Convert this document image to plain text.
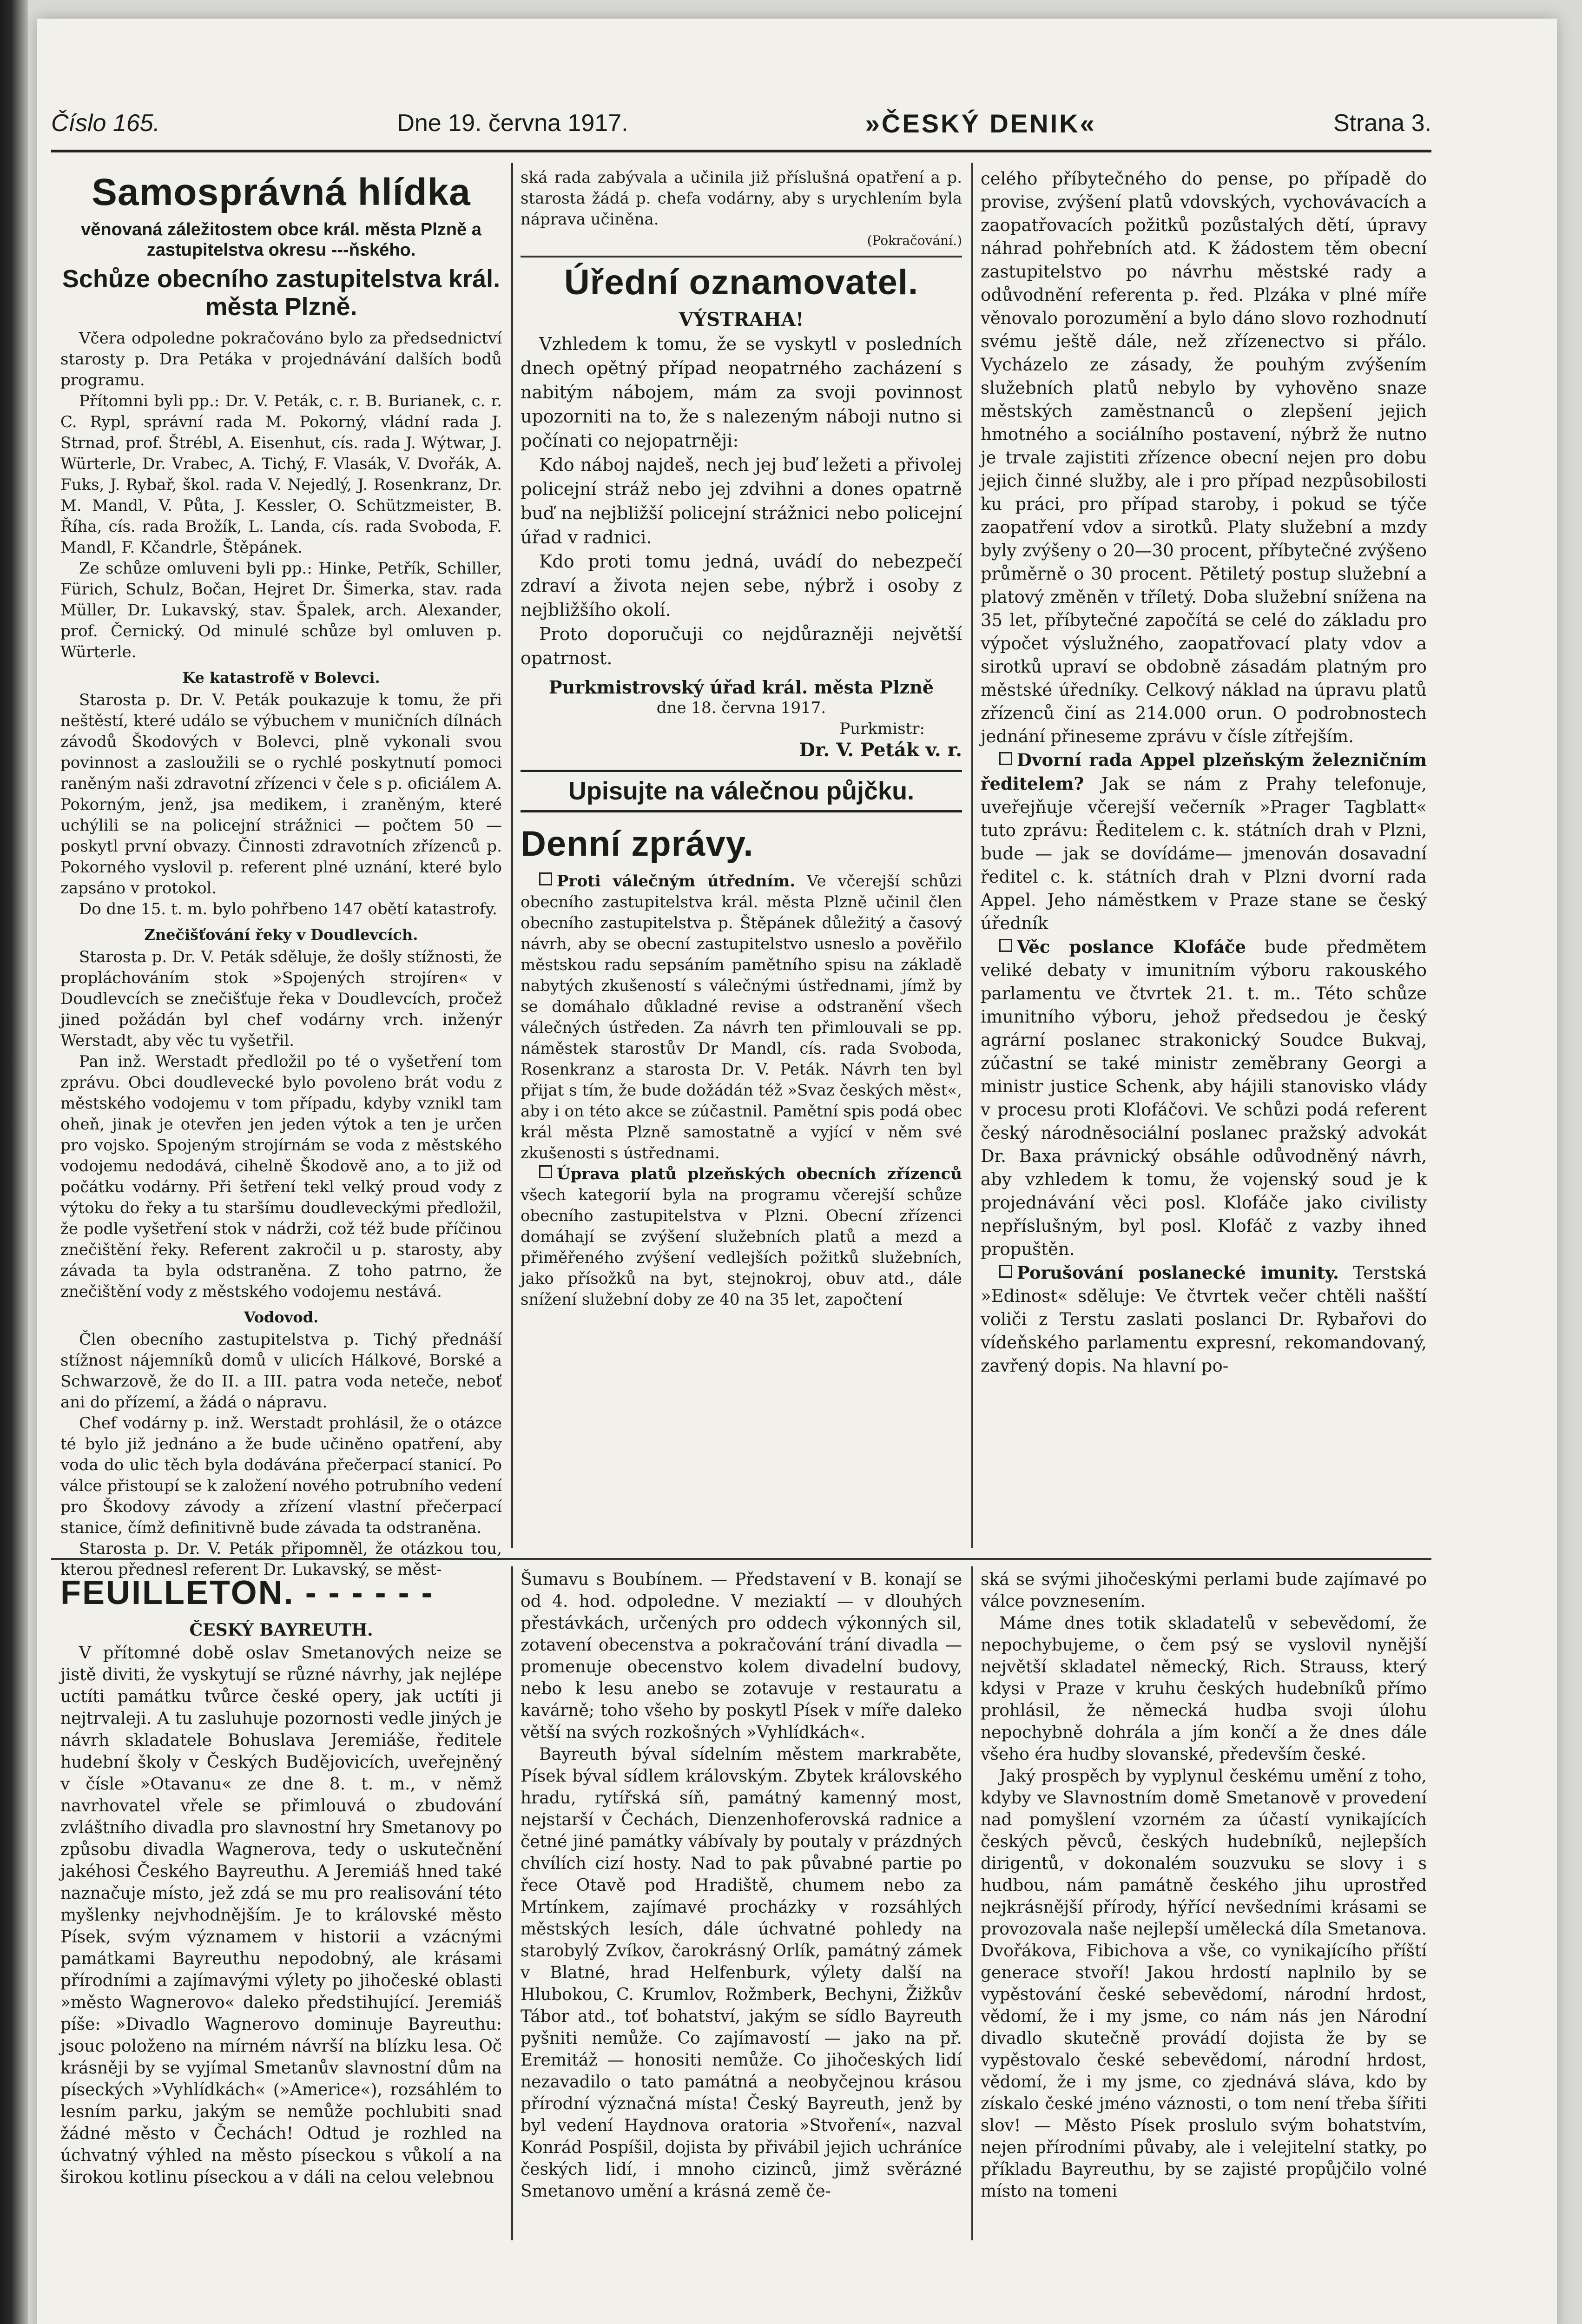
Číslo 165.	Dne 19. června 1917.	»ČESKÝ DENIK«	Strana 3.
Samosprávná hlídka
věnovaná záležitostem obce král. města Plzně a zastupitelstva okresu ‑‑‑ňského.
Schůze obecního zastupitelstva král. města Plzně.

Včera odpoledne pokračováno bylo za předsednictví starosty p. Dra Petáka v projednávání dalších bodů programu.

Přítomni byli pp.: Dr. V. Peták, c. r. B. Burianek, c. r. C. Rypl, správní rada M. Pokorný, vládní rada J. Strnad, prof. Štrébl, A. Eisenhut, cís. rada J. Wýtwar, J. Würterle, Dr. Vrabec, A. Tichý, F. Vlasák, V. Dvořák, A. Fuks, J. Rybař, škol. rada V. Nejedlý, J. Rosenkranz, Dr. M. Mandl, V. Půta, J. Kessler, O. Schützmeister, B. Říha, cís. rada Brožík, L. Landa, cís. rada Svoboda, F. Mandl, F. Kčandrle, Štěpánek.

Ze schůze omluveni byli pp.: Hinke, Petřík, Schiller, Fürich, Schulz, Bočan, Hejret Dr. Šimerka, stav. rada Müller, Dr. Lukavský, stav. Špalek, arch. Alexander, prof. Černický. Od minulé schůze byl omluven p. Würterle.

Ke katastrofě v Bolevci.

Starosta p. Dr. V. Peták poukazuje k tomu, že při neštěstí, které událo se výbuchem v muničních dílnách závodů Škodových v Bolevci, plně vykonali svou povinnost a zasloužili se o rychlé poskytnutí pomoci raněným naši zdravotní zřízenci v čele s p. oficiálem A. Pokorným, jenž, jsa medikem, i zraněným, které uchýlili se na policejní strážnici — počtem 50 — poskytl první obvazy. Činnosti zdravotních zřízenců p. Pokorného vyslovil p. referent plné uznání, které bylo zapsáno v protokol.

Do dne 15. t. m. bylo pohřbeno 147 obětí katastrofy.

Znečišťování řeky v Doudlevcích.

Starosta p. Dr. V. Peták sděluje, že došly stížnosti, že propláchováním stok »Spojených strojíren« v Doudlevcích se znečišťuje řeka v Doudlevcích, pročež jined požádán byl chef vodárny vrch. inženýr Werstadt, aby věc tu vyšetřil.

Pan inž. Werstadt předložil po té o vyšetření tom zprávu. Obci doudlevecké bylo povoleno brát vodu z městského vodojemu v tom případu, kdyby vznikl tam oheň, jinak je otevřen jen jeden výtok a ten je určen pro vojsko. Spojeným strojírnám se voda z městského vodojemu nedodává, cihelně Škodově ano, a to již od počátku vodárny. Při šetření tekl velký proud vody z výtoku do řeky a tu staršímu doudleveckými předložil, že podle vyšetření stok v nádrži, což též bude příčinou znečištění řeky. Referent zakročil u p. starosty, aby závada ta byla odstraněna. Z toho patrno, že znečištění vody z městského vodojemu nestává.

Vodovod.

Člen obecního zastupitelstva p. Tichý přednáší stížnost nájemníků domů v ulicích Hálkové, Borské a Schwarzově, že do II. a III. patra voda neteče, neboť ani do přízemí, a žádá o nápravu.

Chef vodárny p. inž. Werstadt prohlásil, že o otázce té bylo již jednáno a že bude učiněno opatření, aby voda do ulic těch byla dodávána přečerpací stanicí. Po válce přistoupí se k založení nového potrubního vedení pro Škodovy závody a zřízení vlastní přečerpací stanice, čímž definitivně bude závada ta odstraněna.

Starosta p. Dr. V. Peták připomněl, že otázkou tou, kterou přednesl referent Dr. Lukavský, se měst-

ská rada zabývala a učinila již příslušná opatření a p. starosta žádá p. chefa vodárny, aby s urychlením byla náprava učiněna.

(Pokračování.)
Úřední oznamovatel.
VÝSTRAHA!

Vzhledem k tomu, že se vyskytl v posledních dnech opětný případ neopatrného zacházení s nabitým nábojem, mám za svoji povinnost upozorniti na to, že s nalezeným náboji nutno si počínati co nejopatrněji:

Kdo náboj najdeš, nech jej buď ležeti a přivolej policejní stráž nebo jej zdvihni a dones opatrně buď na nejbližší policejní strážnici nebo policejní úřad v radnici.

Kdo proti tomu jedná, uvádí do nebezpečí zdraví a života nejen sebe, nýbrž i osoby z nejbližšího okolí.

Proto doporučuji co nejdůrazněji největší opatrnost.

Purkmistrovský úřad král. města Plzně
dne 18. června 1917.
Purkmistr:
Dr. V. Peták v. r.
Upisujte na válečnou půjčku.
Denní zprávy.

Proti válečným útředním. Ve včerejší schůzi obecního zastupitelstva král. města Plzně učinil člen obecního zastupitelstva p. Štěpánek důležitý a časový návrh, aby se obecní zastupitelstvo usneslo a pověřilo městskou radu sepsáním pamětního spisu na základě nabytých zkušeností s válečnými ústřednami, jímž by se domáhalo důkladné revise a odstranění všech válečných ústředen. Za návrh ten přimlouvali se pp. náměstek starostův Dr Mandl, cís. rada Svoboda, Rosenkranz a starosta Dr. V. Peták. Návrh ten byl přijat s tím, že bude dožádán též »Svaz českých měst«, aby i on této akce se zúčastnil. Pamětní spis podá obec král města Plzně samostatně a vyjící v něm své zkušenosti s ústřednami.

Úprava platů plzeňských obecních zřízenců všech kategorií byla na programu včerejší schůze obecního zastupitelstva v Plzni. Obecní zřízenci domáhají se zvýšení služebních platů a mezd a přiměřeného zvýšení vedlejších požitků služebních, jako přísožků na byt, stejnokroj, obuv atd., dále snížení služební doby ze 40 na 35 let, započtení

celého příbytečného do pense, po případě do provise, zvýšení platů vdovských, vychovávacích a zaopatřovacích požitků pozůstalých dětí, úpravy náhrad pohřebních atd. K žádostem těm obecní zastupitelstvo po návrhu městské rady a odůvodnění referenta p. řed. Plzáka v plné míře věnovalo porozumění a bylo dáno slovo rozhodnutí svému ještě dále, než zřízenectvo si přálo. Vycházelo ze zásady, že pouhým zvýšením služebních platů nebylo by vyhověno snaze městských zaměstnanců o zlepšení jejich hmotného a sociálního postavení, nýbrž že nutno je trvale zajistiti zřízence obecní nejen pro dobu jejich činné služby, ale i pro případ nezpůsobilosti ku práci, pro případ staroby, i pokud se týče zaopatření vdov a sirotků. Platy služební a mzdy byly zvýšeny o 20—30 procent, příbytečné zvýšeno průměrně o 30 procent. Pětiletý postup služební a platový změněn v tříletý. Doba služební snížena na 35 let, příbytečné započítá se celé do základu pro výpočet výslužného, zaopatřovací platy vdov a sirotků upraví se obdobně zásadám platným pro městské úředníky. Celkový náklad na úpravu platů zřízenců činí as 214.000 orun. O podrobnostech jednání přineseme zprávu v čísle zítřejším.

Dvorní rada Appel plzeňským železničním ředitelem? Jak se nám z Prahy telefonuje, uveřejňuje včerejší večerník »Prager Tagblatt« tuto zprávu: Ředitelem c. k. státních drah v Plzni, bude — jak se dovídáme— jmenován dosavadní ředitel c. k. státních drah v Plzni dvorní rada Appel. Jeho náměstkem v Praze stane se český úředník

Věc poslance Klofáče bude předmětem veliké debaty v imunitním výboru rakouského parlamentu ve čtvrtek 21. t. m.. Této schůze imunitního výboru, jehož předsedou je český agrární poslanec strakonický Soudce Bukvaj, zúčastní se také ministr zeměbrany Georgi a ministr justice Schenk, aby hájili stanovisko vlády v procesu proti Klofáčovi. Ve schůzi podá referent český národněsociální poslanec pražský advokát Dr. Baxa právnický obsáhle odůvodněný návrh, aby vzhledem k tomu, že vojenský soud je k projednávání věci posl. Klofáče jako civilisty nepříslušným, byl posl. Klofáč z vazby ihned propuštěn.

Porušování poslanecké imunity. Terstská »Edinost« sděluje: Ve čtvrtek večer chtěli našští voliči z Terstu zaslati poslanci Dr. Rybařovi do vídeňského parlamentu expresní, rekomandovaný, zavřený dopis. Na hlavní po-

FEUILLETON. - - - - - -
ČESKÝ BAYREUTH.

V přítomné době oslav Smetanových neize se jistě diviti, že vyskytují se různé návrhy, jak nejlépe uctíti památku tvůrce české opery, jak uctíti ji nejtrvaleji. A tu zasluhuje pozornosti vedle jiných je návrh skladatele Bohuslava Jeremiáše, ředitele hudební školy v Českých Budějovicích, uveřejněný v čísle »Otavanu« ze dne 8. t. m., v němž navrhovatel vřele se přimlouvá o zbudování zvláštního divadla pro slavnostní hry Smetanovy po způsobu divadla Wagnerova, tedy o uskutečnění jakéhosi Českého Bayreuthu. A Jeremiáš hned také naznačuje místo, jež zdá se mu pro realisování této myšlenky nejvhodnějším. Je to královské město Písek, svým významem v historii a vzácnými památkami Bayreuthu nepodobný, ale krásami přírodními a zajímavými výlety po jihočeské oblasti »město Wagnerovo« daleko předstihující. Jeremiáš píše: »Divadlo Wagnerovo dominuje Bayreuthu: jsouc položeno na mírném návrší na blízku lesa. Oč krásněji by se vyjímal Smetanův slavnostní dům na píseckých »Vyhlídkách« (»Americe«), rozsáhlém to lesním parku, jakým se nemůže pochlubiti snad žádné město v Čechách! Odtud je rozhled na úchvatný výhled na město píseckou s vůkolí a na širokou kotlinu píseckou a v dáli na celou velebnou

Šumavu s Boubínem. — Představení v B. konají se od 4. hod. odpoledne. V meziaktí — v dlouhých přestávkách, určených pro oddech výkonných sil, zotavení obecenstva a pokračování trání divadla — promenuje obecenstvo kolem divadelní budovy, nebo k lesu anebo se zotavuje v restauratu a kavárně; toho všeho by poskytl Písek v míře daleko větší na svých rozkošných »Vyhlídkách«.

Bayreuth býval sídelním městem markraběte, Písek býval sídlem královským. Zbytek královského hradu, rytířská síň, památný kamenný most, nejstarší v Čechách, Dienzenhoferovská radnice a četné jiné památky vábívaly by poutaly v prázdných chvílích cizí hosty. Nad to pak půvabné partie po řece Otavě pod Hradiště, chumem nebo za Mrtínkem, zajímavé procházky v rozsáhlých městských lesích, dále úchvatné pohledy na starobylý Zvíkov, čarokrásný Orlík, památný zámek v Blatné, hrad Helfenburk, výlety další na Hlubokou, C. Krumlov, Rožmberk, Bechyni, Žižkův Tábor atd., toť bohatství, jakým se sídlo Bayreuth pyšniti nemůže. Co zajímavostí — jako na př. Eremitáž — honositi nemůže. Co jihočeských lidí nezavadilo o tato památná a neobyčejnou krásou přírodní význačná místa! Český Bayreuth, jenž by byl vedení Haydnova oratoria »Stvoření«, nazval Konrád Pospíšil, dojista by přivábil jejich uchráníce českých lidí, i mnoho cizinců, jimž svěrázné Smetanovo umění a krásná země če-

ská se svými jihočeskými perlami bude zajímavé po válce povznesením.

Máme dnes totik skladatelů v sebevědomí, že nepochybujeme, o čem psý se vyslovil nynější největší skladatel německý, Rich. Strauss, který kdysi v Praze v kruhu českých hudebníků přímo prohlásil, že německá hudba svoji úlohu nepochybně dohrála a jím končí a že dnes dále všeho éra hudby slovanské, především české.

Jaký prospěch by vyplynul českému umění z toho, kdyby ve Slavnostním domě Smetanově v provedení nad pomyšlení vzorném za účastí vynikajících českých pěvců, českých hudebníků, nejlepších dirigentů, v dokonalém souzvuku se slovy i s hudbou, nám památně českého jihu uprostřed nejkrásnější přírody, hýřící nevšedními krásami se provozovala naše nejlepší umělecká díla Smetanova. Dvořákova, Fibichova a vše, co vynikajícího příští generace stvoří! Jakou hrdostí naplnilo by se vypěstování české sebevědomí, národní hrdost, vědomí, že i my jsme, co nám nás jen Národní divadlo skutečně provádí dojista že by se vypěstovalo české sebevědomí, národní hrdost, vědomí, že i my jsme, co zjednává sláva, kdo by získalo české jméno váznosti, o tom není třeba šířiti slov! — Město Písek proslulo svým bohatstvím, nejen přírodními půvaby, ale i velejitelní statky, po příkladu Bayreuthu, by se zajisté propůjčilo volné místo na tomeni
